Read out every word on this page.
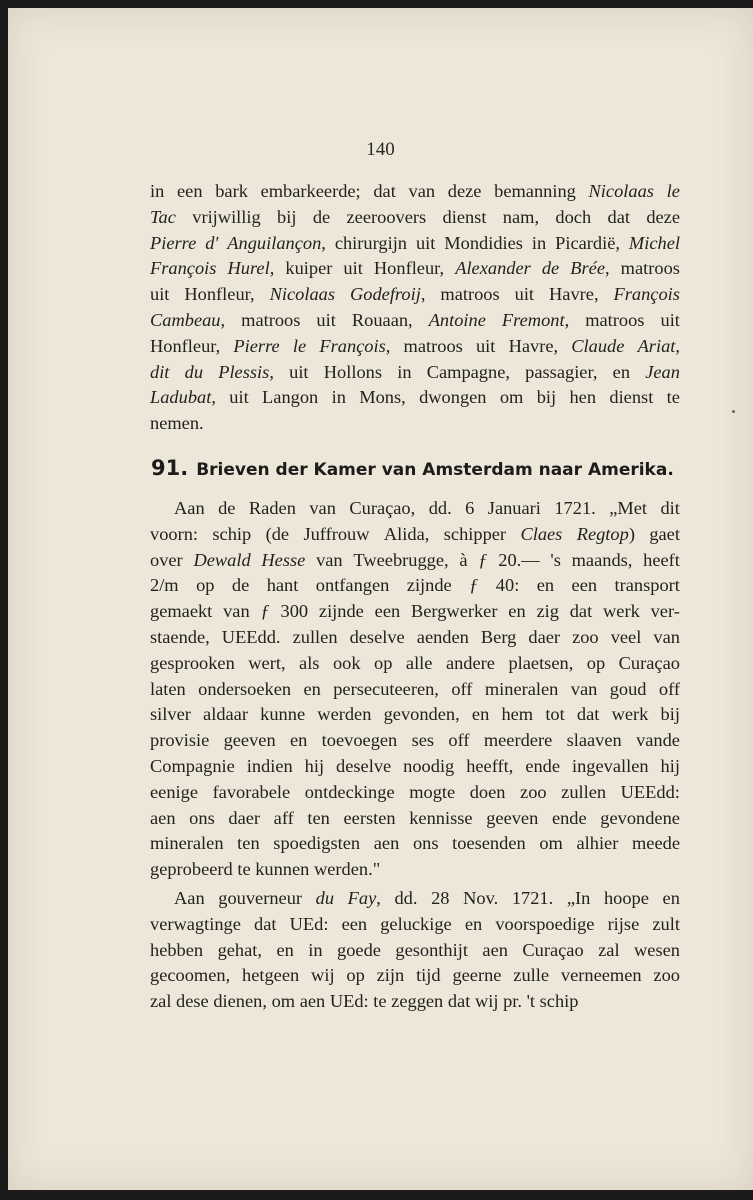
140
in een bark embarkeerde; dat van deze bemanning Nicolaas le
Tac vrijwillig bij de zeeroovers dienst nam, doch dat deze
Pierre d' Anguilançon, chirurgijn uit Mondidies in Picardië, Michel
François Hurel, kuiper uit Honfleur, Alexander de Brée, matroos
uit Honfleur, Nicolaas Godefroij, matroos uit Havre, François
Cambeau, matroos uit Rouaan, Antoine Fremont, matroos uit
Honfleur, Pierre le François, matroos uit Havre, Claude Ariat,
dit du Plessis, uit Hollons in Campagne, passagier, en Jean
Ladubat, uit Langon in Mons, dwongen om bij hen dienst te
nemen.
91. Brieven der Kamer van Amsterdam naar Amerika.
Aan de Raden van Curaçao, dd. 6 Januari 1721. „Met dit
voorn: schip (de Juffrouw Alida, schipper Claes Regtop) gaet
over Dewald Hesse van Tweebrugge, à ƒ 20.— 's maands, heeft
2/m op de hant ontfangen zijnde ƒ 40: en een transport
gemaekt van ƒ 300 zijnde een Bergwerker en zig dat werk ver-
staende, UEEdd. zullen deselve aenden Berg daer zoo veel van
gesprooken wert, als ook op alle andere plaetsen, op Curaçao
laten ondersoeken en persecuteeren, off mineralen van goud off
silver aldaar kunne werden gevonden, en hem tot dat werk bij
provisie geeven en toevoegen ses off meerdere slaaven vande
Compagnie indien hij deselve noodig heefft, ende ingevallen hij
eenige favorabele ontdeckinge mogte doen zoo zullen UEEdd:
aen ons daer aff ten eersten kennisse geeven ende gevondene
mineralen ten spoedigsten aen ons toesenden om alhier meede
geprobeerd te kunnen werden."
Aan gouverneur du Fay, dd. 28 Nov. 1721. „In hoope en
verwagtinge dat UEd: een geluckige en voorspoedige rijse zult
hebben gehat, en in goede gesonthijt aen Curaçao zal wesen
gecoomen, hetgeen wij op zijn tijd geerne zulle verneemen zoo
zal dese dienen, om aen UEd: te zeggen dat wij pr. 't schip
